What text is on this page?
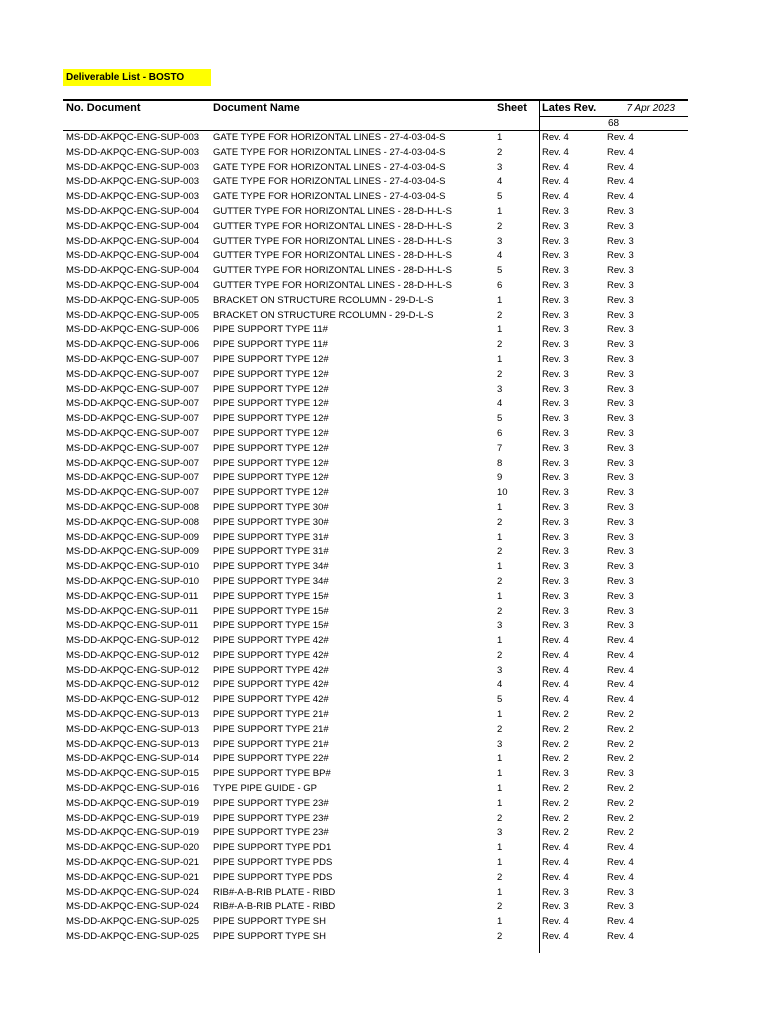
Deliverable List - BOSTO
No. Document	Document Name	Sheet Lates Rev.	7 Apr 2023
68
MS-DD-AKPQC-ENG-SUP-003 GATE TYPE FOR HORIZONTAL LINES - 27-4-03-04-S	1	Rev. 4	Rev. 4
MS-DD-AKPQC-ENG-SUP-003 GATE TYPE FOR HORIZONTAL LINES - 27-4-03-04-S	2	Rev. 4	Rev. 4
MS-DD-AKPQC-ENG-SUP-003 GATE TYPE FOR HORIZONTAL LINES - 27-4-03-04-S	3	Rev. 4	Rev. 4
MS-DD-AKPQC-ENG-SUP-003 GATE TYPE FOR HORIZONTAL LINES - 27-4-03-04-S	4	Rev. 4	Rev. 4
MS-DD-AKPQC-ENG-SUP-003 GATE TYPE FOR HORIZONTAL LINES - 27-4-03-04-S	5	Rev. 4	Rev. 4
MS-DD-AKPQC-ENG-SUP-004 GUTTER TYPE FOR HORIZONTAL LINES - 28-D-H-L-S	1	Rev. 3	Rev. 3
MS-DD-AKPQC-ENG-SUP-004 GUTTER TYPE FOR HORIZONTAL LINES - 28-D-H-L-S	2	Rev. 3	Rev. 3
MS-DD-AKPQC-ENG-SUP-004 GUTTER TYPE FOR HORIZONTAL LINES - 28-D-H-L-S	3	Rev. 3	Rev. 3
MS-DD-AKPQC-ENG-SUP-004 GUTTER TYPE FOR HORIZONTAL LINES - 28-D-H-L-S	4	Rev. 3	Rev. 3
MS-DD-AKPQC-ENG-SUP-004 GUTTER TYPE FOR HORIZONTAL LINES - 28-D-H-L-S	5	Rev. 3	Rev. 3
MS-DD-AKPQC-ENG-SUP-004 GUTTER TYPE FOR HORIZONTAL LINES - 28-D-H-L-S	6	Rev. 3	Rev. 3
MS-DD-AKPQC-ENG-SUP-005 BRACKET ON STRUCTURE RCOLUMN - 29-D-L-S	1	Rev. 3	Rev. 3
MS-DD-AKPQC-ENG-SUP-005 BRACKET ON STRUCTURE RCOLUMN - 29-D-L-S	2	Rev. 3	Rev. 3
MS-DD-AKPQC-ENG-SUP-006 PIPE SUPPORT TYPE 11#	1	Rev. 3	Rev. 3
MS-DD-AKPQC-ENG-SUP-006 PIPE SUPPORT TYPE 11#	2	Rev. 3	Rev. 3
MS-DD-AKPQC-ENG-SUP-007 PIPE SUPPORT TYPE 12#	1	Rev. 3	Rev. 3
MS-DD-AKPQC-ENG-SUP-007 PIPE SUPPORT TYPE 12#	2	Rev. 3	Rev. 3
MS-DD-AKPQC-ENG-SUP-007 PIPE SUPPORT TYPE 12#	3	Rev. 3	Rev. 3
MS-DD-AKPQC-ENG-SUP-007 PIPE SUPPORT TYPE 12#	4	Rev. 3	Rev. 3
MS-DD-AKPQC-ENG-SUP-007 PIPE SUPPORT TYPE 12#	5	Rev. 3	Rev. 3
MS-DD-AKPQC-ENG-SUP-007 PIPE SUPPORT TYPE 12#	6	Rev. 3	Rev. 3
MS-DD-AKPQC-ENG-SUP-007 PIPE SUPPORT TYPE 12#	7	Rev. 3	Rev. 3
MS-DD-AKPQC-ENG-SUP-007 PIPE SUPPORT TYPE 12#	8	Rev. 3	Rev. 3
MS-DD-AKPQC-ENG-SUP-007 PIPE SUPPORT TYPE 12#	9	Rev. 3	Rev. 3
MS-DD-AKPQC-ENG-SUP-007 PIPE SUPPORT TYPE 12#	10	Rev. 3	Rev. 3
MS-DD-AKPQC-ENG-SUP-008 PIPE SUPPORT TYPE 30#	1	Rev. 3	Rev. 3
MS-DD-AKPQC-ENG-SUP-008 PIPE SUPPORT TYPE 30#	2	Rev. 3	Rev. 3
MS-DD-AKPQC-ENG-SUP-009 PIPE SUPPORT TYPE 31#	1	Rev. 3	Rev. 3
MS-DD-AKPQC-ENG-SUP-009 PIPE SUPPORT TYPE 31#	2	Rev. 3	Rev. 3
MS-DD-AKPQC-ENG-SUP-010 PIPE SUPPORT TYPE 34#	1	Rev. 3	Rev. 3
MS-DD-AKPQC-ENG-SUP-010 PIPE SUPPORT TYPE 34#	2	Rev. 3	Rev. 3
MS-DD-AKPQC-ENG-SUP-011 PIPE SUPPORT TYPE 15#	1	Rev. 3	Rev. 3
MS-DD-AKPQC-ENG-SUP-011 PIPE SUPPORT TYPE 15#	2	Rev. 3	Rev. 3
MS-DD-AKPQC-ENG-SUP-011 PIPE SUPPORT TYPE 15#	3	Rev. 3	Rev. 3
MS-DD-AKPQC-ENG-SUP-012 PIPE SUPPORT TYPE 42#	1	Rev. 4	Rev. 4
MS-DD-AKPQC-ENG-SUP-012 PIPE SUPPORT TYPE 42#	2	Rev. 4	Rev. 4
MS-DD-AKPQC-ENG-SUP-012 PIPE SUPPORT TYPE 42#	3	Rev. 4	Rev. 4
MS-DD-AKPQC-ENG-SUP-012 PIPE SUPPORT TYPE 42#	4	Rev. 4	Rev. 4
MS-DD-AKPQC-ENG-SUP-012 PIPE SUPPORT TYPE 42#	5	Rev. 4	Rev. 4
MS-DD-AKPQC-ENG-SUP-013 PIPE SUPPORT TYPE 21#	1	Rev. 2	Rev. 2
MS-DD-AKPQC-ENG-SUP-013 PIPE SUPPORT TYPE 21#	2	Rev. 2	Rev. 2
MS-DD-AKPQC-ENG-SUP-013 PIPE SUPPORT TYPE 21#	3	Rev. 2	Rev. 2
MS-DD-AKPQC-ENG-SUP-014 PIPE SUPPORT TYPE 22#	1	Rev. 2	Rev. 2
MS-DD-AKPQC-ENG-SUP-015 PIPE SUPPORT TYPE BP#	1	Rev. 3	Rev. 3
MS-DD-AKPQC-ENG-SUP-016 TYPE PIPE GUIDE - GP	1	Rev. 2	Rev. 2
MS-DD-AKPQC-ENG-SUP-019 PIPE SUPPORT TYPE 23#	1	Rev. 2	Rev. 2
MS-DD-AKPQC-ENG-SUP-019 PIPE SUPPORT TYPE 23#	2	Rev. 2	Rev. 2
MS-DD-AKPQC-ENG-SUP-019 PIPE SUPPORT TYPE 23#	3	Rev. 2	Rev. 2
MS-DD-AKPQC-ENG-SUP-020 PIPE SUPPORT TYPE PD1	1	Rev. 4	Rev. 4
MS-DD-AKPQC-ENG-SUP-021 PIPE SUPPORT TYPE PDS	1	Rev. 4	Rev. 4
MS-DD-AKPQC-ENG-SUP-021 PIPE SUPPORT TYPE PDS	2	Rev. 4	Rev. 4
MS-DD-AKPQC-ENG-SUP-024 RIB#-A-B-RIB PLATE - RIBD	1	Rev. 3	Rev. 3
MS-DD-AKPQC-ENG-SUP-024 RIB#-A-B-RIB PLATE - RIBD	2	Rev. 3	Rev. 3
MS-DD-AKPQC-ENG-SUP-025 PIPE SUPPORT TYPE SH	1	Rev. 4	Rev. 4
MS-DD-AKPQC-ENG-SUP-025 PIPE SUPPORT TYPE SH	2	Rev. 4	Rev. 4
